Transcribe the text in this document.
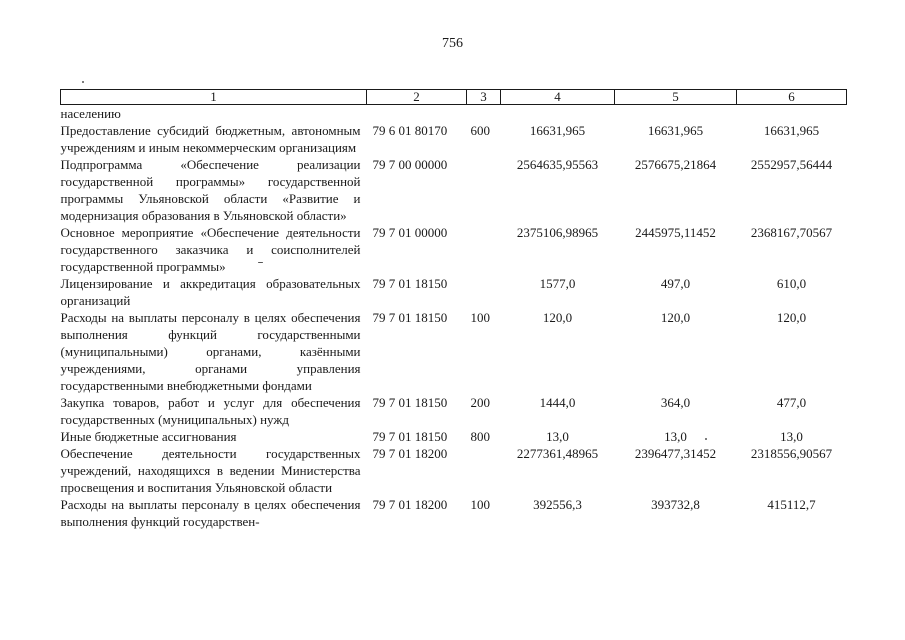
756
1	2	3	4	5	6
населению					
Предоставление субсидий бюджетным, автономным учреждениям и иным некоммерческим организациям	79 6 01 80170	600	16631,965	16631,965	16631,965
Подпрограмма «Обеспечение реализации государственной программы» государственной программы Ульяновской области «Развитие и модернизация образования в Ульяновской области»	79 7 00 00000		2564635,95563	2576675,21864	2552957,56444
Основное мероприятие «Обеспечение деятельности государственного заказчика и соисполнителей государственной программы»	79 7 01 00000		2375106,98965	2445975,11452	2368167,70567
Лицензирование и аккредитация образовательных организаций	79 7 01 18150		1577,0	497,0	610,0
Расходы на выплаты персоналу в целях обеспечения выполнения функций государственными (муниципальными) органами, казёнными учреждениями, органами управления государственными внебюджетными фондами	79 7 01 18150	100	120,0	120,0	120,0
Закупка товаров, работ и услуг для обеспечения государственных (муниципальных) нужд	79 7 01 18150	200	1444,0	364,0	477,0
Иные бюджетные ассигнования	79 7 01 18150	800	13,0	13,0	13,0
Обеспечение деятельности государственных учреждений, находящихся в ведении Министерства просвещения и воспитания Ульяновской области	79 7 01 18200		2277361,48965	2396477,31452	2318556,90567
Расходы на выплаты персоналу в целях обеспечения выполнения функций государствен-	79 7 01 18200	100	392556,3	393732,8	415112,7
